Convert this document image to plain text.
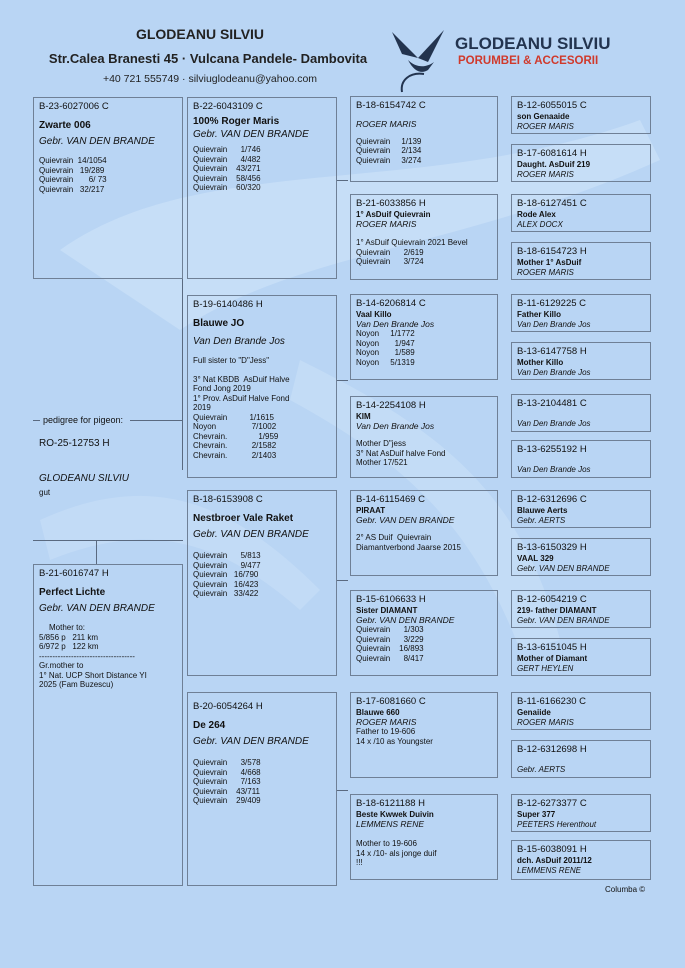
GLODEANU SILVIU
Str.Calea Branesti 45 · Vulcana Pandele- Dambovita
+40 721 555749 · silviuglodeanu@yahoo.com
GLODEANU SILVIU
PORUMBEI & ACCESORII
B-23-6027006 C
Zwarte 006
Gebr. VAN DEN BRANDE
Quievrain  14/1054
Quievrain   19/289
Quievrain       6/ 73
Quievrain   32/217
pedigree for pigeon:
RO-25-12753 H
GLODEANU SILVIU
gut
B-21-6016747 H
Perfect Lichte
Gebr. VAN DEN BRANDE
Mother to:
5/856 p   211 km
6/972 p   122 km
------------------------------------
Gr.mother to
1° Nat. UCP Short Distance YI
2025 (Fam Buzescu)
B-22-6043109 C
100% Roger Maris
Gebr. VAN DEN BRANDE
Quievrain      1/746
Quievrain      4/482
Quievrain    43/271
Quievrain    58/456
Quievrain    60/320
B-19-6140486 H
Blauwe JO
Van Den Brande Jos
Full sister to "D"Jess"
3° Nat KBDB  AsDuif Halve
Fond Jong 2019
1° Prov. AsDuif Halve Fond
2019
Quievrain          1/1615
Noyon                7/1002
Chevrain.              1/959
Chevrain.           2/1582
Chevrain.           2/1403
B-18-6153908 C
Nestbroer Vale Raket
Gebr. VAN DEN BRANDE
Quievrain      5/813
Quievrain      9/477
Quievrain   16/790
Quievrain   16/423
Quievrain   33/422
B-20-6054264 H
De 264
Gebr. VAN DEN BRANDE
Quievrain      3/578
Quievrain      4/668
Quievrain      7/163
Quievrain    43/711
Quievrain    29/409
B-18-6154742 C
ROGER MARIS
Quievrain     1/139
Quievrain     2/134
Quievrain     3/274
B-21-6033856 H
1° AsDuif Quievrain
ROGER MARIS
1° AsDuif Quievrain 2021 Bevel
Quievrain      2/619
Quievrain      3/724
B-14-6206814 C
Vaal Killo
Van Den Brande Jos
Noyon     1/1772
Noyon       1/947
Noyon       1/589
Noyon     5/1319
B-14-2254108 H
KIM
Van Den Brande Jos
Mother D"jess
3° Nat AsDuif halve Fond
Mother 17/521
B-14-6115469 C
PIRAAT
Gebr. VAN DEN BRANDE
2° AS Duif  Quievrain
Diamantverbond Jaarse 2015
B-15-6106633 H
Sister DIAMANT
Gebr. VAN DEN BRANDE
Quievrain      1/303
Quievrain      3/229
Quievrain    16/893
Quievrain      8/417
B-17-6081660 C
Blauwe 660
ROGER MARIS
Father to 19-606
14 x /10 as Youngster
B-18-6121188 H
Beste Kwwek Duivin
LEMMENS RENE
Mother to 19-606
14 x /10- als jonge duif
!!!
B-12-6055015 C
son Genaaide
ROGER MARIS
B-17-6081614 H
Daught. AsDuif 219
ROGER MARIS
B-18-6127451 C
Rode Alex
ALEX DOCX
B-18-6154723 H
Mother 1° AsDuif
ROGER MARIS
B-11-6129225 C
Father Killo
Van Den Brande Jos
B-13-6147758 H
Mother Killo
Van Den Brande Jos
B-13-2104481 C
Van Den Brande Jos
B-13-6255192 H
Van Den Brande Jos
B-12-6312696 C
Blauwe Aerts
Gebr. AERTS
B-13-6150329 H
VAAL 329
Gebr. VAN DEN BRANDE
B-12-6054219 C
219- father DIAMANT
Gebr. VAN DEN BRANDE
B-13-6151045 H
Mother of Diamant
GERT HEYLEN
B-11-6166230 C
Genaiide
ROGER MARIS
B-12-6312698 H
Gebr. AERTS
B-12-6273377 C
Super 377
PEETERS Herenthout
B-15-6038091 H
dch. AsDuif 2011/12
LEMMENS RENE
Columba ©
